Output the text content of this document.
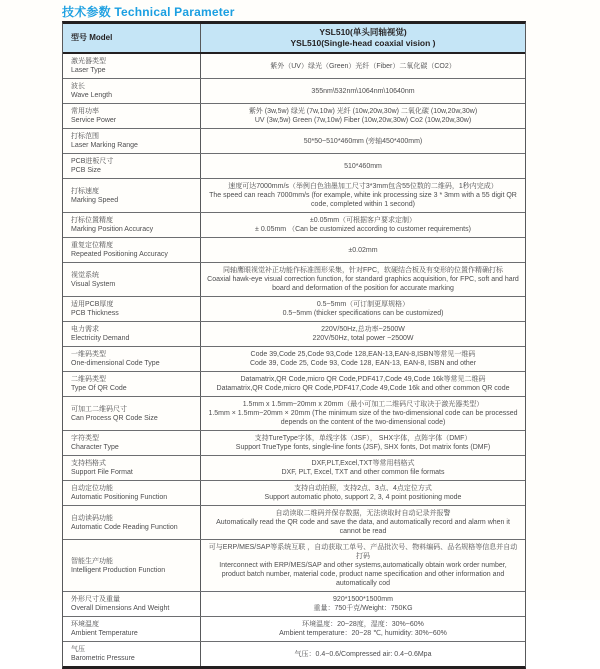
技术参数 Technical Parameter
型号 Model
YSL510(单头同轴视觉)
YSL510(Single-head coaxial vision )
激光器类型
Laser Type
紫外（UV）绿光（Green）光纤（Fiber）二氧化碳（CO2）
波长
Wave Length
355nm\532nm\1064nm\10640nm
常用功率
Service Power
紫外 (3w,5w) 绿光 (7w,10w) 光纤 (10w,20w,30w) 二氧化碳 (10w,20w,30w)
UV (3w,5w) Green (7w,10w) Fiber (10w,20w,30w) Co2 (10w,20w,30w)
打标范围
Laser Marking Range
50*50~510*460mm (旁轴450*400mm)
PCB进板尺寸
PCB Size
510*460mm
打标速度
Marking Speed
速度可达7000mm/s（举例白色油墨加工尺寸3*3mm包含55位数的二维码，1秒内完成）
The speed can reach 7000mm/s (for example, white ink processing size 3 * 3mm with a 55 digit QR code, completed within 1 second)
打标位置精度
Marking Position Accuracy
±0.05mm（可根据客户要求定制）
± 0.05mm （Can be customized according to customer requirements)
重复定位精度
Repeated Positioning Accuracy
±0.02mm
视觉系统
Visual System
同轴鹰眼视觉补正功能作标准图形采集，针对FPC，软硬结合板及有变形的位置作精确打标
Coaxial hawk-eye visual correction function, for standard graphics acquisition, for FPC, soft and hard board and deformation of the position for accurate marking
适用PCB厚度
PCB Thickness
0.5~5mm（可订制更厚规格）
0.5~5mm (thicker specifications can be customized)
电力需求
Electricity Demand
220V/50Hz,总功率~2500W
220V/50Hz, total power ~2500W
一维码类型
One-dimensional Code Type
Code 39,Code 25,Code 93,Code 128,EAN-13,EAN-8,ISBN等常见一维码
Code 39, Code 25, Code 93, Code 128, EAN-13, EAN-8, ISBN and other
二维码类型
Type Of QR Code
Datamatrix,QR Code,micro QR Code,PDF417,Code 49,Code 16k等常见二维码
Datamatrix,QR Code,micro QR Code,PDF417,Code 49,Code 16k and other common QR code
可加工二维码尺寸
Can Process QR Code Size
1.5mm x 1.5mm~20mm x 20mm（最小可加工二维码尺寸取决于激光器类型）
1.5mm × 1.5mm~20mm × 20mm (The minimum size of the two-dimensional code can be processed depends on the content of the two-dimensional code)
字符类型
Character Type
支持TureType字体，单线字体（JSF）， SHX字体，点阵字体（DMF）
Support TrueType fonts, single-line fonts (JSF), SHX fonts, Dot matrix fonts (DMF)
支持档格式
Support File Format
DXF,PLT,Excel,TXT等常用档格式
DXF, PLT, Excel, TXT and other common file formats
自动定位功能
Automatic Positioning Function
支持自动拍照，支持2点、3点、4点定位方式
Support automatic photo, support 2, 3, 4 point positioning mode
自动读码功能
Automatic Code Reading Function
自动读取二维码并保存数据，无法读取时自动记录并报警
Automatically read the QR code and save the data, and automatically record and alarm when it cannot be read
智能生产功能
Intelligent Production Function
可与ERP/MES/SAP等系统互联 ，自动获取工单号、产品批次号、物料编码、品名规格等信息并自动打码
Interconnect with ERP/MES/SAP and other systems,automatically obtain work order number, product batch number, material code, product name specification and other information and automatically cod
外形尺寸及重量
Overall Dimensions And Weight
920*1500*1500mm
重量：750千克/Weight：750KG
环境温度
Ambient Temperature
环境温度：20~28度，湿度：30%~60%
Ambient temperature：20~28 ℃, humidity: 30%~60%
气压
Barometric Pressure
气压：0.4~0.6/Compressed air: 0.4~0.6Mpa
